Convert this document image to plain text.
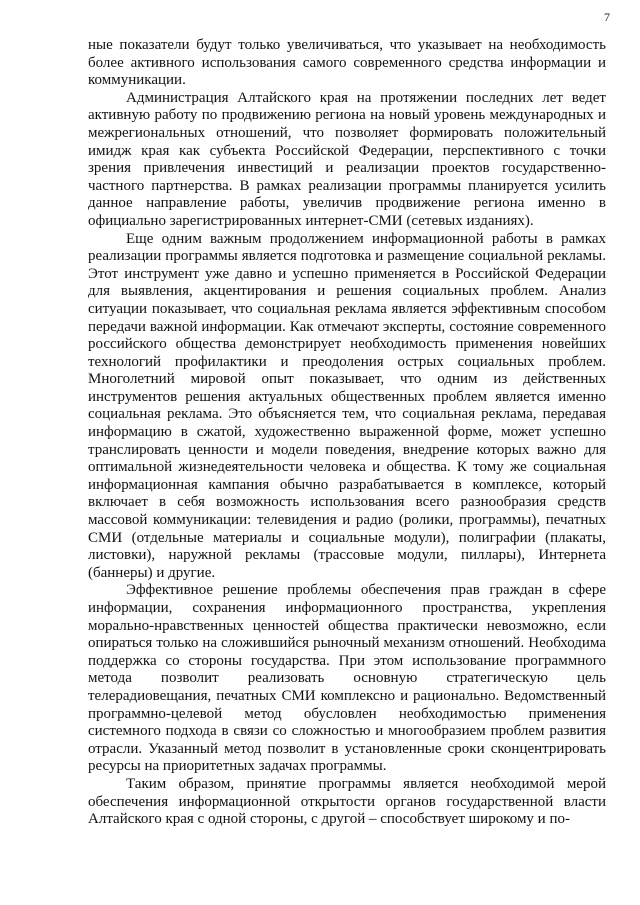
7

ные показатели будут только увеличиваться, что указывает на необходимость более активного использования самого современного средства информации и коммуникации.

Администрация Алтайского края на протяжении последних лет ведет активную работу по продвижению региона на новый уровень международных и межрегиональных отношений, что позволяет формировать положительный имидж края как субъекта Российской Федерации, перспективного с точки зрения привлечения инвестиций и реализации проектов государственно-частного партнерства. В рамках реализации программы планируется усилить данное направление работы, увеличив продвижение региона именно в официально зарегистрированных интернет-СМИ (сетевых изданиях).

Еще одним важным продолжением информационной работы в рамках реализации программы является подготовка и размещение социальной рекламы. Этот инструмент уже давно и успешно применяется в Российской Федерации для выявления, акцентирования и решения социальных проблем. Анализ ситуации показывает, что социальная реклама является эффективным способом передачи важной информации. Как отмечают эксперты, состояние современного российского общества демонстрирует необходимость применения новейших технологий профилактики и преодоления острых социальных проблем. Многолетний мировой опыт показывает, что одним из действенных инструментов решения актуальных общественных проблем является именно социальная реклама. Это объясняется тем, что социальная реклама, передавая информацию в сжатой, художественно выраженной форме, может успешно транслировать ценности и модели поведения, внедрение которых важно для оптимальной жизнедеятельности человека и общества. К тому же социальная информационная кампания обычно разрабатывается в комплексе, который включает в себя возможность использования всего разнообразия средств массовой коммуникации: телевидения и радио (ролики, программы), печатных СМИ (отдельные материалы и социальные модули), полиграфии (плакаты, листовки), наружной рекламы (трассовые модули, пиллары), Интернета (баннеры) и другие.

Эффективное решение проблемы обеспечения прав граждан в сфере информации, сохранения информационного пространства, укрепления морально-нравственных ценностей общества практически невозможно, если опираться только на сложившийся рыночный механизм отношений. Необходима поддержка со стороны государства. При этом использование программного метода позволит реализовать основную стратегическую цель телерадиовещания, печатных СМИ комплексно и рационально. Ведомственный программно-целевой метод обусловлен необходимостью применения системного подхода в связи со сложностью и многообразием проблем развития отрасли. Указанный метод позволит в установленные сроки сконцентрировать ресурсы на приоритетных задачах программы.

Таким образом, принятие программы является необходимой мерой обеспечения информационной открытости органов государственной власти Алтайского края с одной стороны, с другой – способствует широкому и по-
